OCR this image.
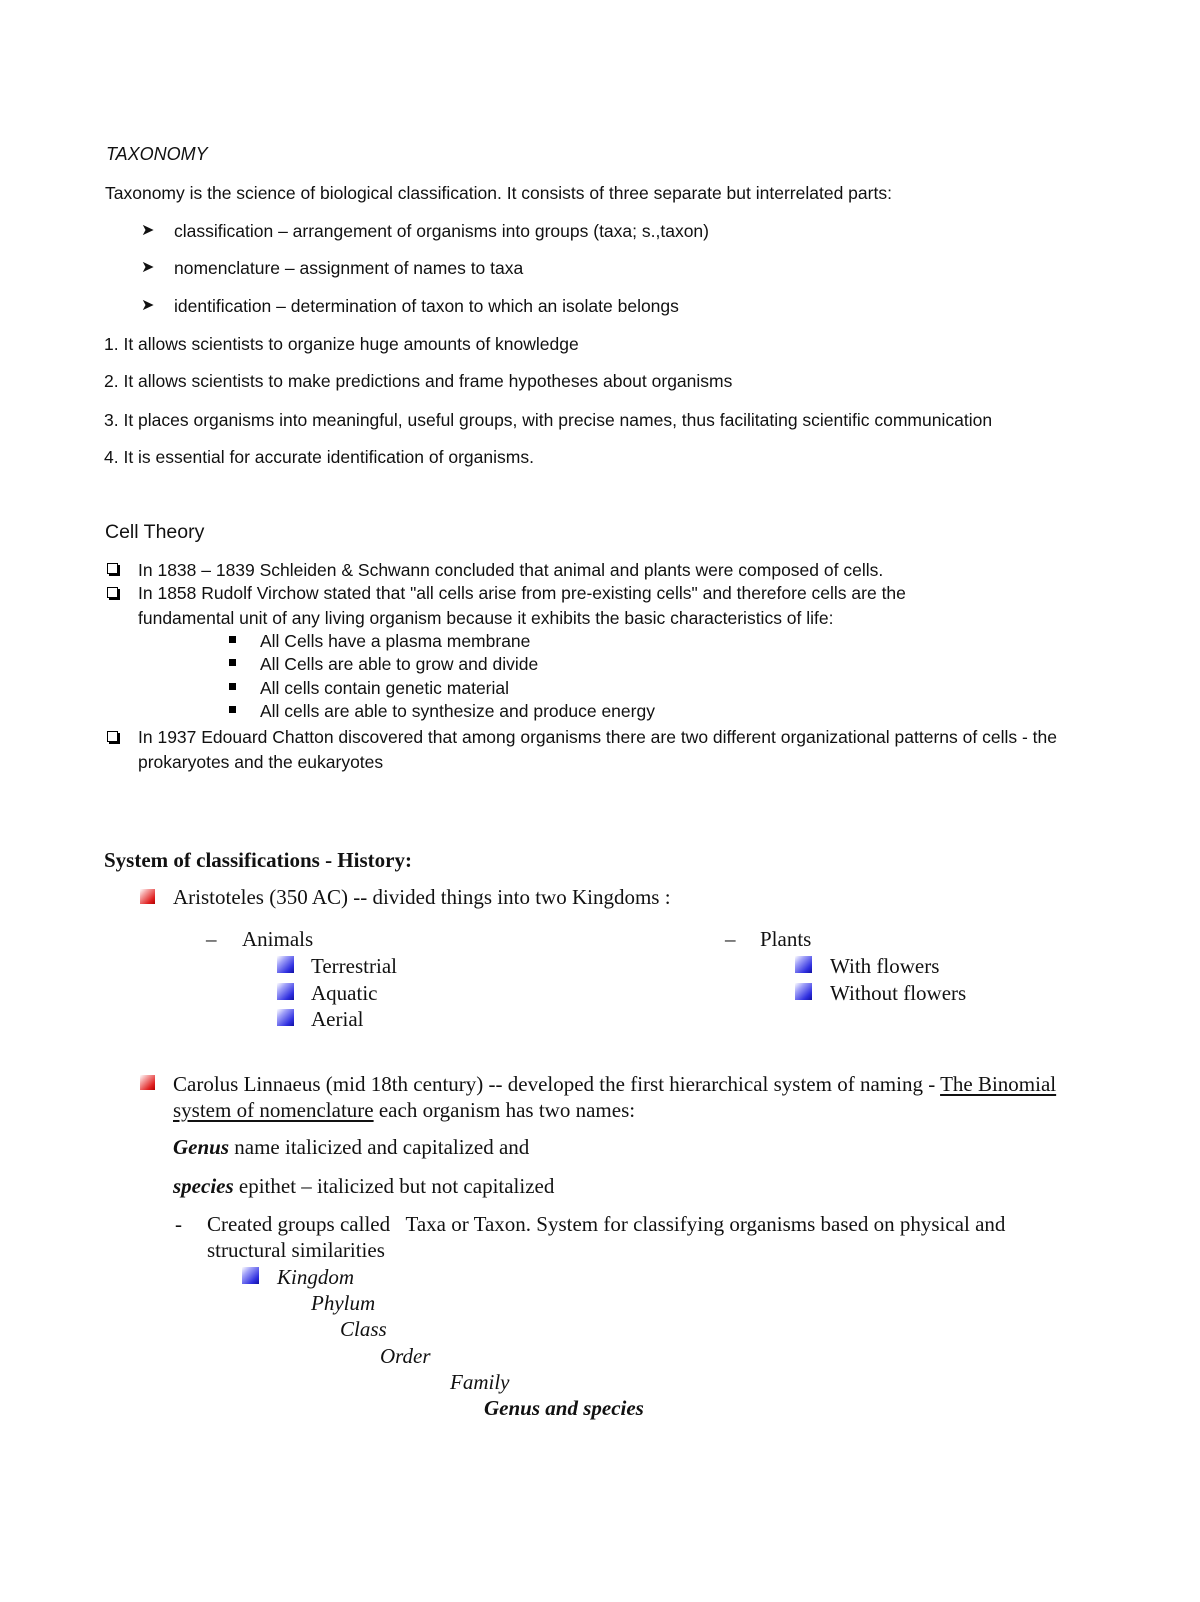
TAXONOMY
Taxonomy is the science of biological classification. It consists of three separate but interrelated parts:
➤ classification – arrangement of organisms into groups (taxa; s.,taxon)
➤ nomenclature – assignment of names to taxa
➤ identification – determination of taxon to which an isolate belongs
1. It allows scientists to organize huge amounts of knowledge
2. It allows scientists to make predictions and frame hypotheses about organisms
3. It places organisms into meaningful, useful groups, with precise names, thus facilitating scientific communication
4. It is essential for accurate identification of organisms.
Cell Theory
In 1838 – 1839 Schleiden & Schwann concluded that animal and plants were composed of cells.
In 1858 Rudolf Virchow stated that "all cells arise from pre-existing cells" and therefore cells are the fundamental unit of any living organism because it exhibits the basic characteristics of life:
All Cells have a plasma membrane
All Cells are able to grow and divide
All cells contain genetic material
All cells are able to synthesize and produce energy
In 1937 Edouard Chatton discovered that among organisms there are two different organizational patterns of cells - the prokaryotes and the eukaryotes
System of classifications - History:
Aristoteles (350 AC) -- divided things into two Kingdoms :
– Animals
Terrestrial
Aquatic
Aerial
– Plants
With flowers
Without flowers
Carolus Linnaeus (mid 18th century) -- developed the first hierarchical system of naming - The Binomial system of nomenclature each organism has two names:
Genus name italicized and capitalized and
species epithet – italicized but not capitalized
- Created groups called   Taxa or Taxon. System for classifying organisms based on physical and structural similarities
Kingdom
Phylum
Class
Order
Family
Genus and species
